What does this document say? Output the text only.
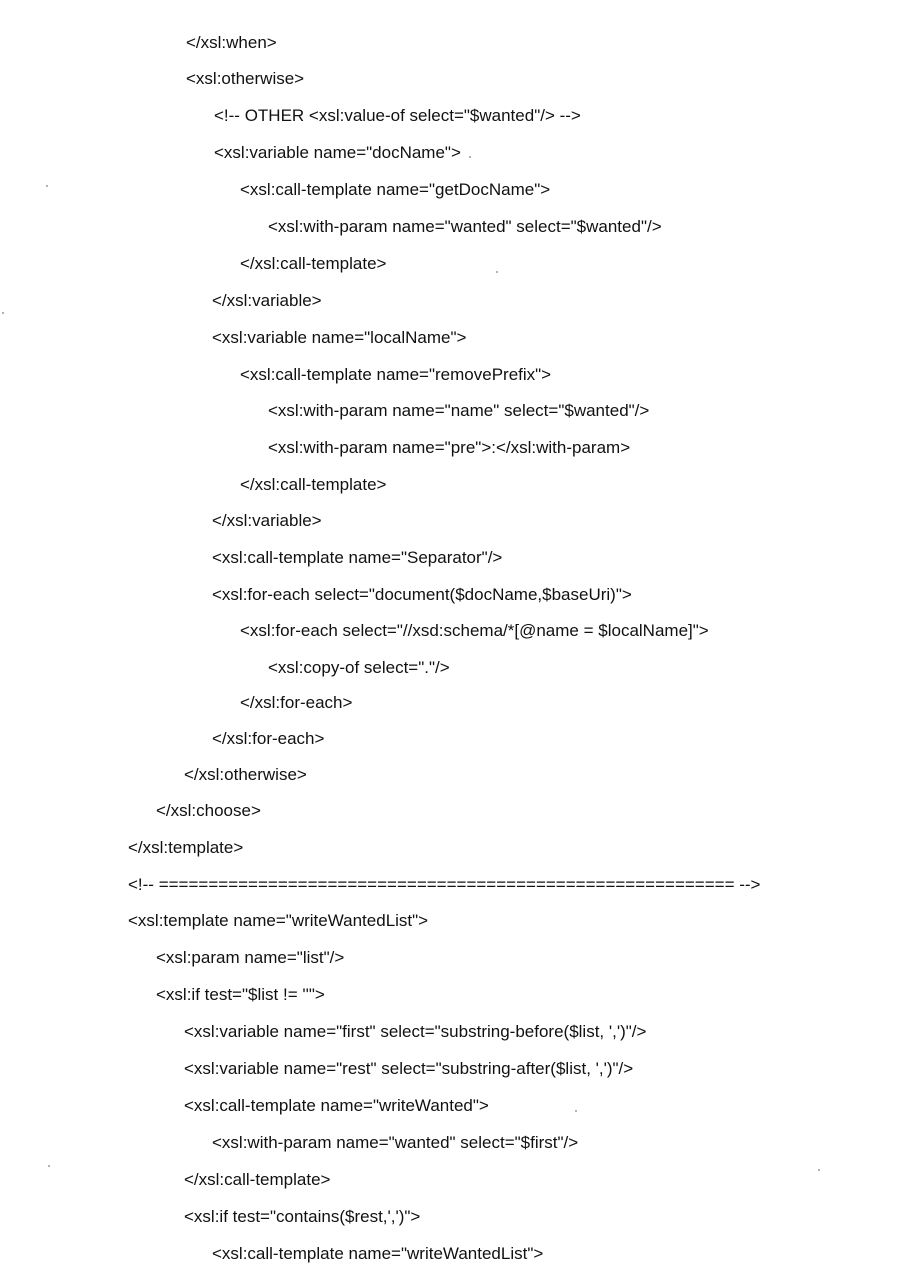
</xsl:when>
<xsl:otherwise>
<!-- OTHER <xsl:value-of select="$wanted"/> -->
<xsl:variable name="docName">
<xsl:call-template name="getDocName">
<xsl:with-param name="wanted" select="$wanted"/>
</xsl:call-template>
</xsl:variable>
<xsl:variable name="localName">
<xsl:call-template name="removePrefix">
<xsl:with-param name="name" select="$wanted"/>
<xsl:with-param name="pre">:</xsl:with-param>
</xsl:call-template>
</xsl:variable>
<xsl:call-template name="Separator"/>
<xsl:for-each select="document($docName,$baseUri)">
<xsl:for-each select="//xsd:schema/*[@name = $localName]">
<xsl:copy-of select="."/>
</xsl:for-each>
</xsl:for-each>
</xsl:otherwise>
</xsl:choose>
</xsl:template>
<!-- ========================================================== -->
<xsl:template name="writeWantedList">
<xsl:param name="list"/>
<xsl:if test="$list != ''">
<xsl:variable name="first" select="substring-before($list, ',')"/>
<xsl:variable name="rest" select="substring-after($list, ',')"/>
<xsl:call-template name="writeWanted">
<xsl:with-param name="wanted" select="$first"/>
</xsl:call-template>
<xsl:if test="contains($rest,',')">
<xsl:call-template name="writeWantedList">
